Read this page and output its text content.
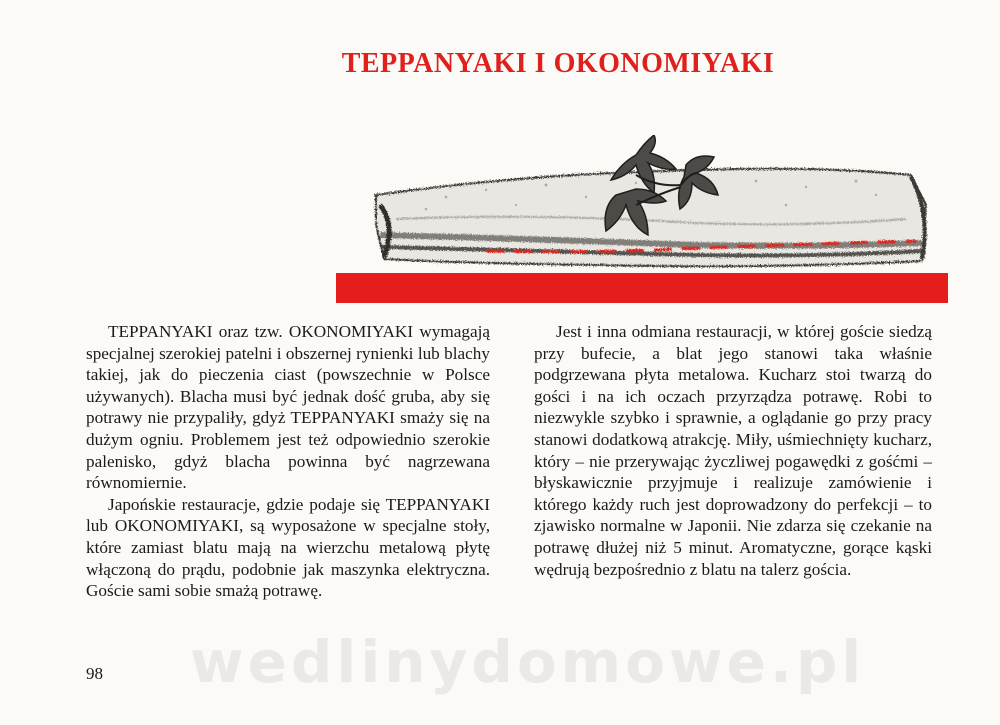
TEPPANYAKI I OKONOMIYAKI

TEPPANYAKI oraz tzw. OKONOMIYAKI wymagają specjalnej szerokiej patelni i obszernej rynienki lub blachy takiej, jak do pieczenia ciast (powszechnie w Polsce używanych). Blacha musi być jednak dość gruba, aby się potrawy nie przypaliły, gdyż TEPPANYAKI smaży się na dużym ogniu. Problemem jest też odpowiednio szerokie palenisko, gdyż blacha powinna być nagrzewana równomiernie.

Japońskie restauracje, gdzie podaje się TEPPANYAKI lub OKONOMIYAKI, są wyposażone w specjalne stoły, które zamiast blatu mają na wierzchu metalową płytę włączoną do prądu, podobnie jak maszynka elektryczna. Goście sami sobie smażą potrawę.

Jest i inna odmiana restauracji, w której goście siedzą przy bufecie, a blat jego stanowi taka właśnie podgrzewana płyta metalowa. Kucharz stoi twarzą do gości i na ich oczach przyrządza potrawę. Robi to niezwykle szybko i sprawnie, a oglądanie go przy pracy stanowi dodatkową atrakcję. Miły, uśmiechnięty kucharz, który – nie przerywając życzliwej pogawędki z gośćmi – błyskawicznie przyjmuje i realizuje zamówienie i którego każdy ruch jest doprowadzony do perfekcji – to zjawisko normalne w Japonii. Nie zdarza się czekanie na potrawę dłużej niż 5 minut. Aromatyczne, gorące kąski wędrują bezpośrednio z blatu na talerz gościa.

wedlinydomowe.pl
98
